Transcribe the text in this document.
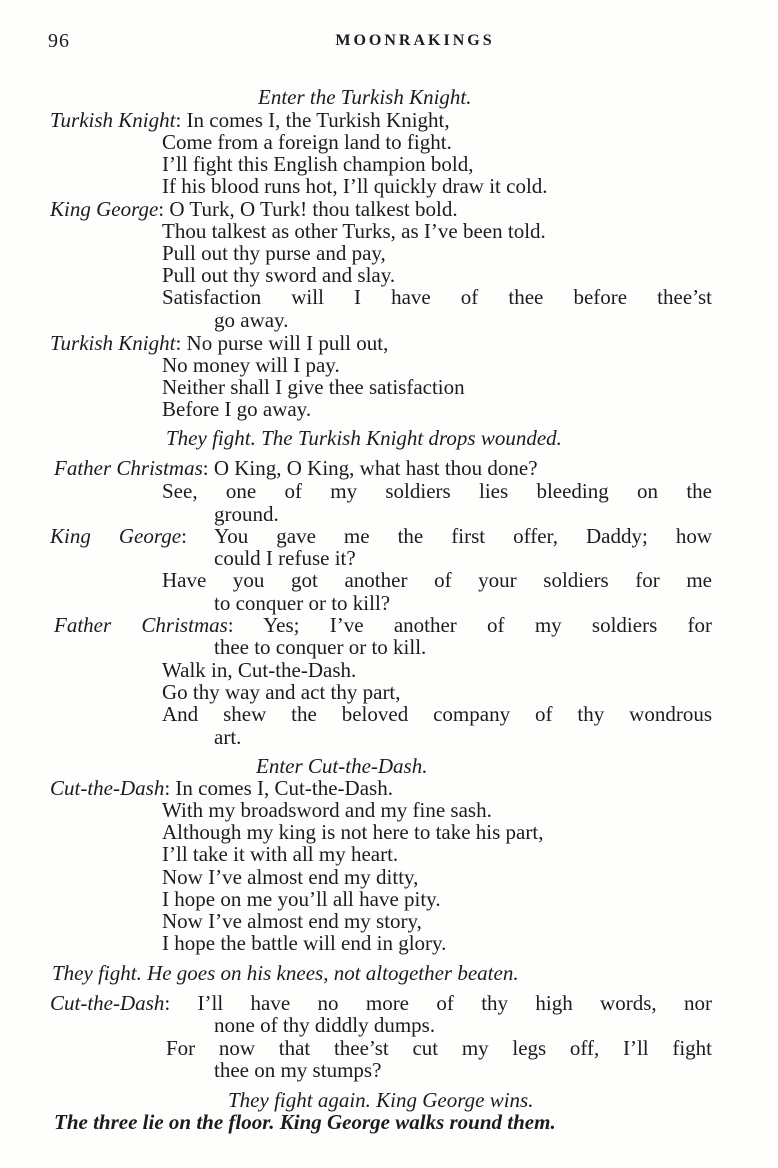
96	MOONRAKINGS
Enter the Turkish Knight.
Turkish Knight: In comes I, the Turkish Knight,
Come from a foreign land to fight.
I’ll fight this English champion bold,
If his blood runs hot, I’ll quickly draw it cold.
King George: O Turk, O Turk! thou talkest bold.
Thou talkest as other Turks, as I’ve been told.
Pull out thy purse and pay,
Pull out thy sword and slay.
Satisfaction will I have of thee before thee’st
go away.
Turkish Knight: No purse will I pull out,
No money will I pay.
Neither shall I give thee satisfaction
Before I go away.
They fight. The Turkish Knight drops wounded.
Father Christmas: O King, O King, what hast thou done?
See, one of my soldiers lies bleeding on the
ground.
King George: You gave me the first offer, Daddy; how
could I refuse it?
Have you got another of your soldiers for me
to conquer or to kill?
Father Christmas: Yes; I’ve another of my soldiers for
thee to conquer or to kill.
Walk in, Cut-the-Dash.
Go thy way and act thy part,
And shew the beloved company of thy wondrous
art.
Enter Cut-the-Dash.
Cut-the-Dash: In comes I, Cut-the-Dash.
With my broadsword and my fine sash.
Although my king is not here to take his part,
I’ll take it with all my heart.
Now I’ve almost end my ditty,
I hope on me you’ll all have pity.
Now I’ve almost end my story,
I hope the battle will end in glory.
They fight. He goes on his knees, not altogether beaten.
Cut-the-Dash: I’ll have no more of thy high words, nor
none of thy diddly dumps.
For now that thee’st cut my legs off, I’ll fight
thee on my stumps?
They fight again. King George wins.
The three lie on the floor. King George walks round them.
